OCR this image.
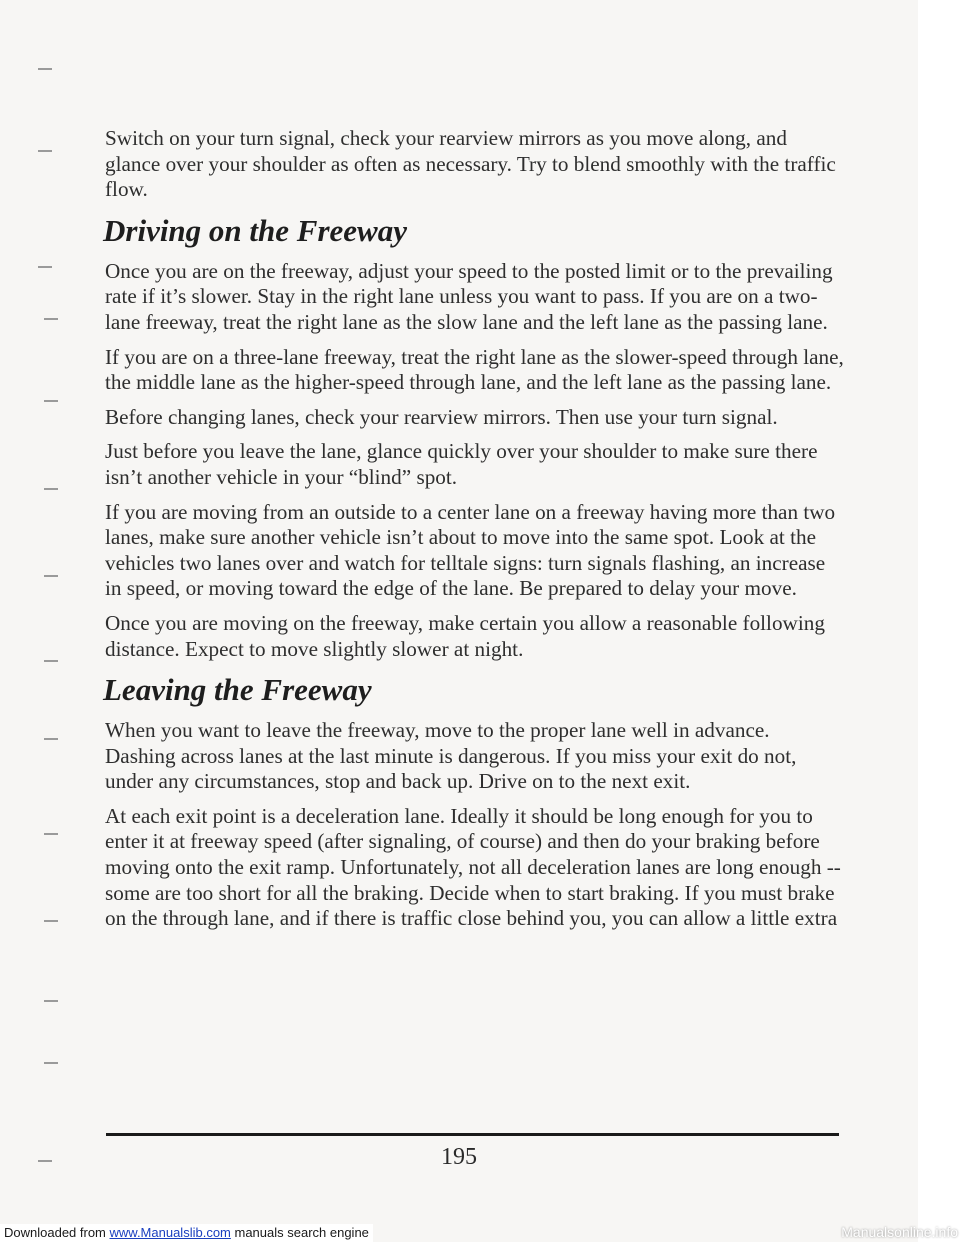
Switch on your turn signal, check your rearview mirrors as you move along, and glance over your shoulder as often as necessary. Try to blend smoothly with the traffic flow.

Driving on the Freeway

Once you are on the freeway, adjust your speed to the posted limit or to the prevailing rate if it’s slower. Stay in the right lane unless you want to pass. If you are on a two-lane freeway, treat the right lane as the slow lane and the left lane as the passing lane.

If you are on a three-lane freeway, treat the right lane as the slower-speed through lane, the middle lane as the higher-speed through lane, and the left lane as the passing lane.

Before changing lanes, check your rearview mirrors. Then use your turn signal.

Just before you leave the lane, glance quickly over your shoulder to make sure there isn’t another vehicle in your “blind” spot.

If you are moving from an outside to a center lane on a freeway having more than two lanes, make sure another vehicle isn’t about to move into the same spot. Look at the vehicles two lanes over and watch for telltale signs: turn signals flashing, an increase in speed, or moving toward the edge of the lane. Be prepared to delay your move.

Once you are moving on the freeway, make certain you allow a reasonable following distance. Expect to move slightly slower at night.

Leaving the Freeway

When you want to leave the freeway, move to the proper lane well in advance. Dashing across lanes at the last minute is dangerous. If you miss your exit do not, under any circumstances, stop and back up. Drive on to the next exit.

At each exit point is a deceleration lane. Ideally it should be long enough for you to enter it at freeway speed (after signaling, of course) and then do your braking before moving onto the exit ramp. Unfortunately, not all deceleration lanes are long enough -- some are too short for all the braking. Decide when to start braking. If you must brake on the through lane, and if there is traffic close behind you, you can allow a little extra

195
Downloaded from www.Manualslib.com manuals search engine	Manualsonline.info
